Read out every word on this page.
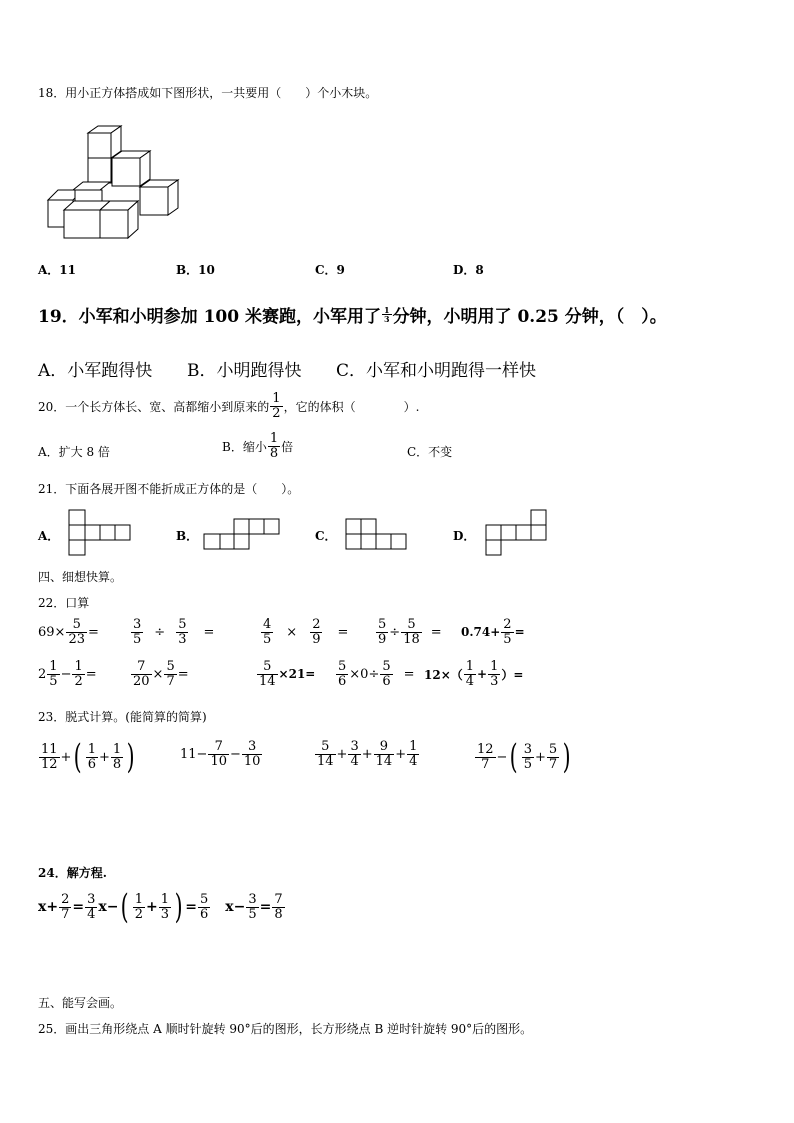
18．用小正方体搭成如下图形状，一共要用（　　）个小木块。
A．11	B．10	C．9	D．8
19．小军和小明参加 100 米赛跑，小军用了 $\frac{1}{3}$ 分钟，小明用了 0.25 分钟，（　）。
A．小军跑得快 B．小明跑得快 C．小军和小明跑得一样快
20．一个长方体长、宽、高都缩小到原来的 $\frac{1}{2}$ ，它的体积（　　　　）.
A．扩大 8 倍	B．缩小 $\frac{1}{8}$ 倍	C．不变
21．下面各展开图不能折成正方体的是（　　）。
A．	B．	C．	D．
四、细想快算。
22．口算
$69\times \frac{5}{23} = \frac{3}{5} \div \frac{5}{3}$ =	$\frac{4}{5} \times \frac{2}{9} = \frac{5}{9} \div \frac{5}{18} = 0.74+ \frac{2}{5}$ =
$2 \frac{1}{5} - \frac{1}{2}$ =	$\frac{7}{20} \times \frac{5}{7}$ =	$\frac{5}{14} \times 21= \frac{5}{6} \times 0\div \frac{5}{6} = 12\times( \frac{1}{4} + \frac{1}{3}$ ）=
23．脱式计算。(能简算的简算)
$\frac{11}{12}$ + ( $\frac{1}{6} + \frac{1}{8}$ )	$11- \frac{7}{10} - \frac{3}{10}$	$\frac{5}{14} + \frac{3}{4} + \frac{9}{14} + \frac{1}{4}$	$\frac{12}{7}$ − ( $\frac{3}{5} + \frac{5}{7}$ )
24．解方程.
$x+ \frac{2}{7} = \frac{3}{4} x-$ ( $\frac{1}{2} + \frac{1}{3}$ ) = $\frac{5}{6} x- \frac{3}{5} = \frac{7}{8}$
五、能写会画。
25．画出三角形绕点 A 顺时针旋转 90°后的图形，长方形绕点 B 逆时针旋转 90°后的图形。
